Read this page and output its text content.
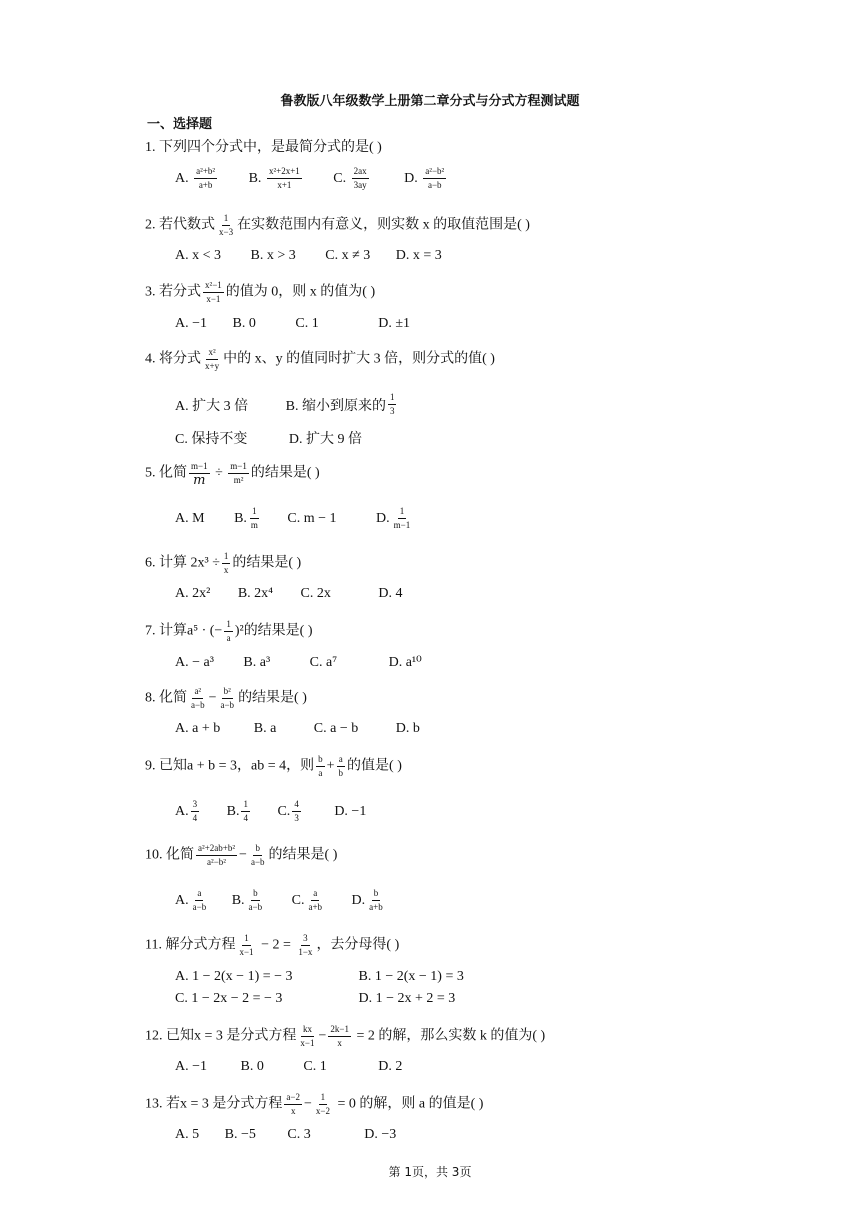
鲁教版八年级数学上册第二章分式与分式方程测试题
一、选择题
1. 下列四个分式中，是最简分式的是( )
A. $\frac{\text{a²+b²}}{a+b} B$. $\frac{\text{x²+2x+1}}{x+1} C$. $\frac{2ax}{3ay}$	D. $\frac{\text{a²−b²}}{a-b}$
2. 若代数式 $\frac{1}{x-3}$ 在实数范围内有意义，则实数 x 的取值范围是( )
A. x < 3 B. x > 3 C. x ≠ 3 D. x = 3
3. 若分式 $\frac{\text{x²−1}}{x-1}$ 的值为 0，则 x 的值为( )
A. −1 B. 0	C. 1	D. ±1
4. 将分式 $\frac{\text{x²}}{x+y}$ 中的 x、y 的值同时扩大 3 倍，则分式的值( )
A. 扩大 3 倍	B. 缩小到原来的 $\frac{1}{3}$
C. 保持不变	D. 扩大 9 倍
5. 化简 $\frac{m-1}{m} \div \frac{m-1}{\text{m²}}$ 的结果是( )
A. M B. $\frac{1}{m} C$. m − 1	D. $\frac{1}{m-1}$
6. 计算 $2x^3 \div \frac{1}{x}$ 的结果是( )
A. 2x² B. 2x⁴ C. 2x	D. 4
7. 计算a⁵ · (− $\frac{1}{a} )^2$的结果是( )
A. − a³ B. a³	C. a⁷	D. a¹⁰
8. 化简 $\frac{\text{a²}}{a-b} - \frac{\text{b²}}{a-b}$ 的结果是( )
A. a + b B. a	C. a − b	D. b
9. 已知a + b = 3，ab = 4，则 $\frac{b}{a} + \frac{a}{b}$ 的值是( )
A. $\frac{3}{4} B$. $\frac{1}{4} C$. $\frac{4}{3} D$. −1
10. 化简 $\frac{\text{a²+2ab+b²}}{\text{a²−b²}} - \frac{b}{a-b}$ 的结果是( )
A. $\frac{a}{a-b} B$. $\frac{b}{a-b} C$. $\frac{a}{a+b} D$. $\frac{b}{a+b}$
11. 解分式方程 $\frac{1}{x-1} - 2 = \frac{3}{1-x}$ ，去分母得( )
A. 1 − 2(x − 1) = − 3	B. 1 − 2(x − 1) = 3
C. 1 − 2x − 2 = − 3	D. 1 − 2x + 2 = 3
12. 已知x = 3 是分式方程 $\frac{kx}{x-1} - \frac{2k-1}{x} = 2$ 的解，那么实数 k 的值为( )
A. −1 B. 0	C. 1	D. 2
13. 若x = 3 是分式方程 $\frac{a-2}{x} - \frac{1}{x-2} = 0$ 的解，则 a 的值是( )
A. 5 B. −5 C. 3	D. −3
第 1页，共 3页
